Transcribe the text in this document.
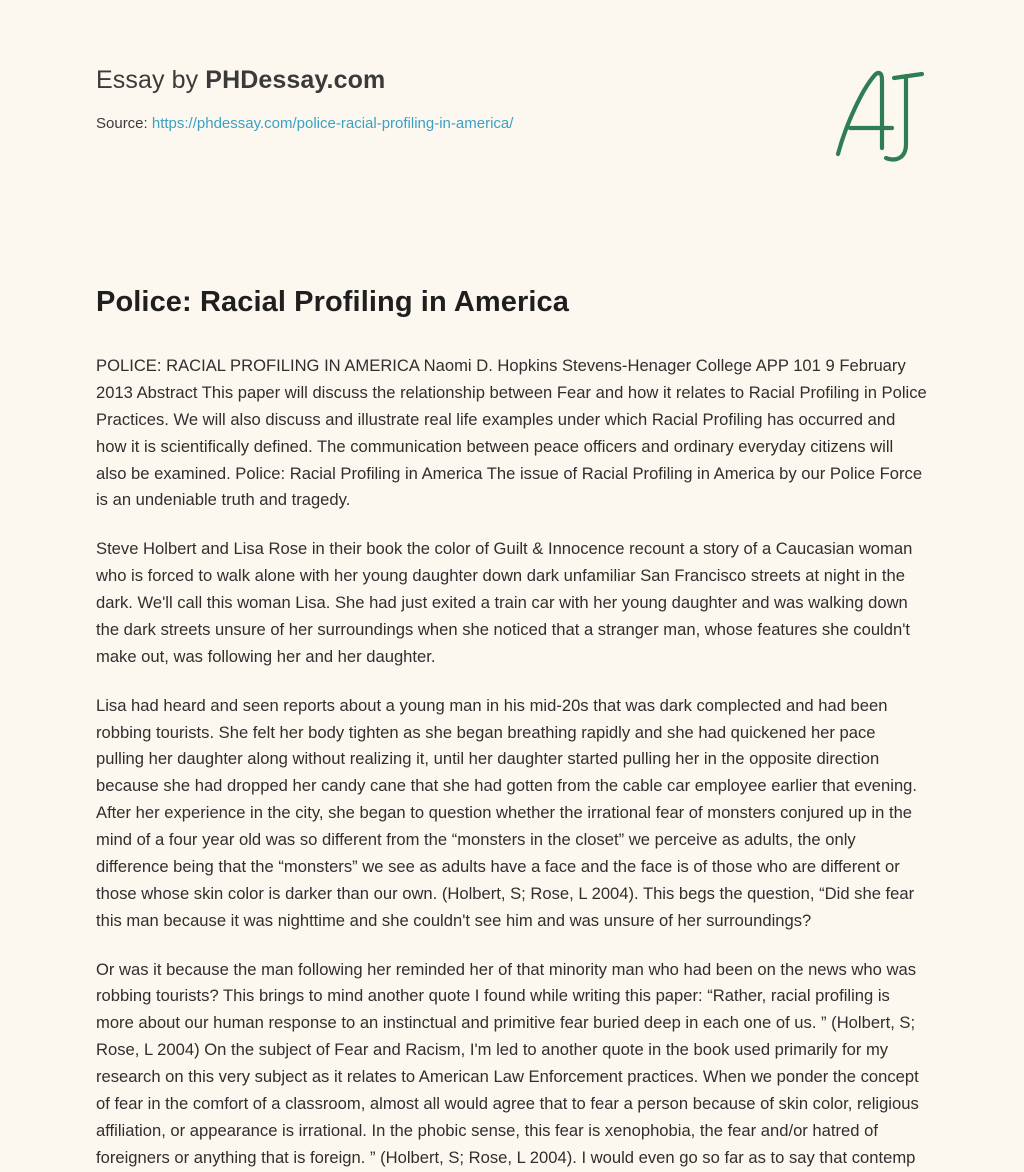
Essay by PHDessay.com
Source: https://phdessay.com/police-racial-profiling-in-america/
Police: Racial Profiling in America

POLICE: RACIAL PROFILING IN AMERICA Naomi D. Hopkins Stevens-Henager College APP 101 9 February 2013 Abstract This paper will discuss the relationship between Fear and how it relates to Racial Profiling in Police Practices. We will also discuss and illustrate real life examples under which Racial Profiling has occurred and how it is scientifically defined. The communication between peace officers and ordinary everyday citizens will also be examined. Police: Racial Profiling in America The issue of Racial Profiling in America by our Police Force is an undeniable truth and tragedy.

Steve Holbert and Lisa Rose in their book the color of Guilt & Innocence recount a story of a Caucasian woman who is forced to walk alone with her young daughter down dark unfamiliar San Francisco streets at night in the dark. We'll call this woman Lisa. She had just exited a train car with her young daughter and was walking down the dark streets unsure of her surroundings when she noticed that a stranger man, whose features she couldn't make out, was following her and her daughter.

Lisa had heard and seen reports about a young man in his mid-20s that was dark complected and had been robbing tourists. She felt her body tighten as she began breathing rapidly and she had quickened her pace pulling her daughter along without realizing it, until her daughter started pulling her in the opposite direction because she had dropped her candy cane that she had gotten from the cable car employee earlier that evening. After her experience in the city, she began to question whether the irrational fear of monsters conjured up in the mind of a four year old was so different from the “monsters in the closet” we perceive as adults, the only difference being that the “monsters” we see as adults have a face and the face is of those who are different or those whose skin color is darker than our own. (Holbert, S; Rose, L 2004). This begs the question, “Did she fear this man because it was nighttime and she couldn't see him and was unsure of her surroundings?

Or was it because the man following her reminded her of that minority man who had been on the news who was robbing tourists? This brings to mind another quote I found while writing this paper: “Rather, racial profiling is more about our human response to an instinctual and primitive fear buried deep in each one of us. ” (Holbert, S; Rose, L 2004) On the subject of Fear and Racism, I'm led to another quote in the book used primarily for my research on this very subject as it relates to American Law Enforcement practices. When we ponder the concept of fear in the comfort of a classroom, almost all would agree that to fear a person because of skin color, religious affiliation, or appearance is irrational. In the phobic sense, this fear is xenophobia, the fear and/or hatred of foreigners or anything that is foreign. ” (Holbert, S; Rose, L 2004). I would even go so far as to say that contemp
